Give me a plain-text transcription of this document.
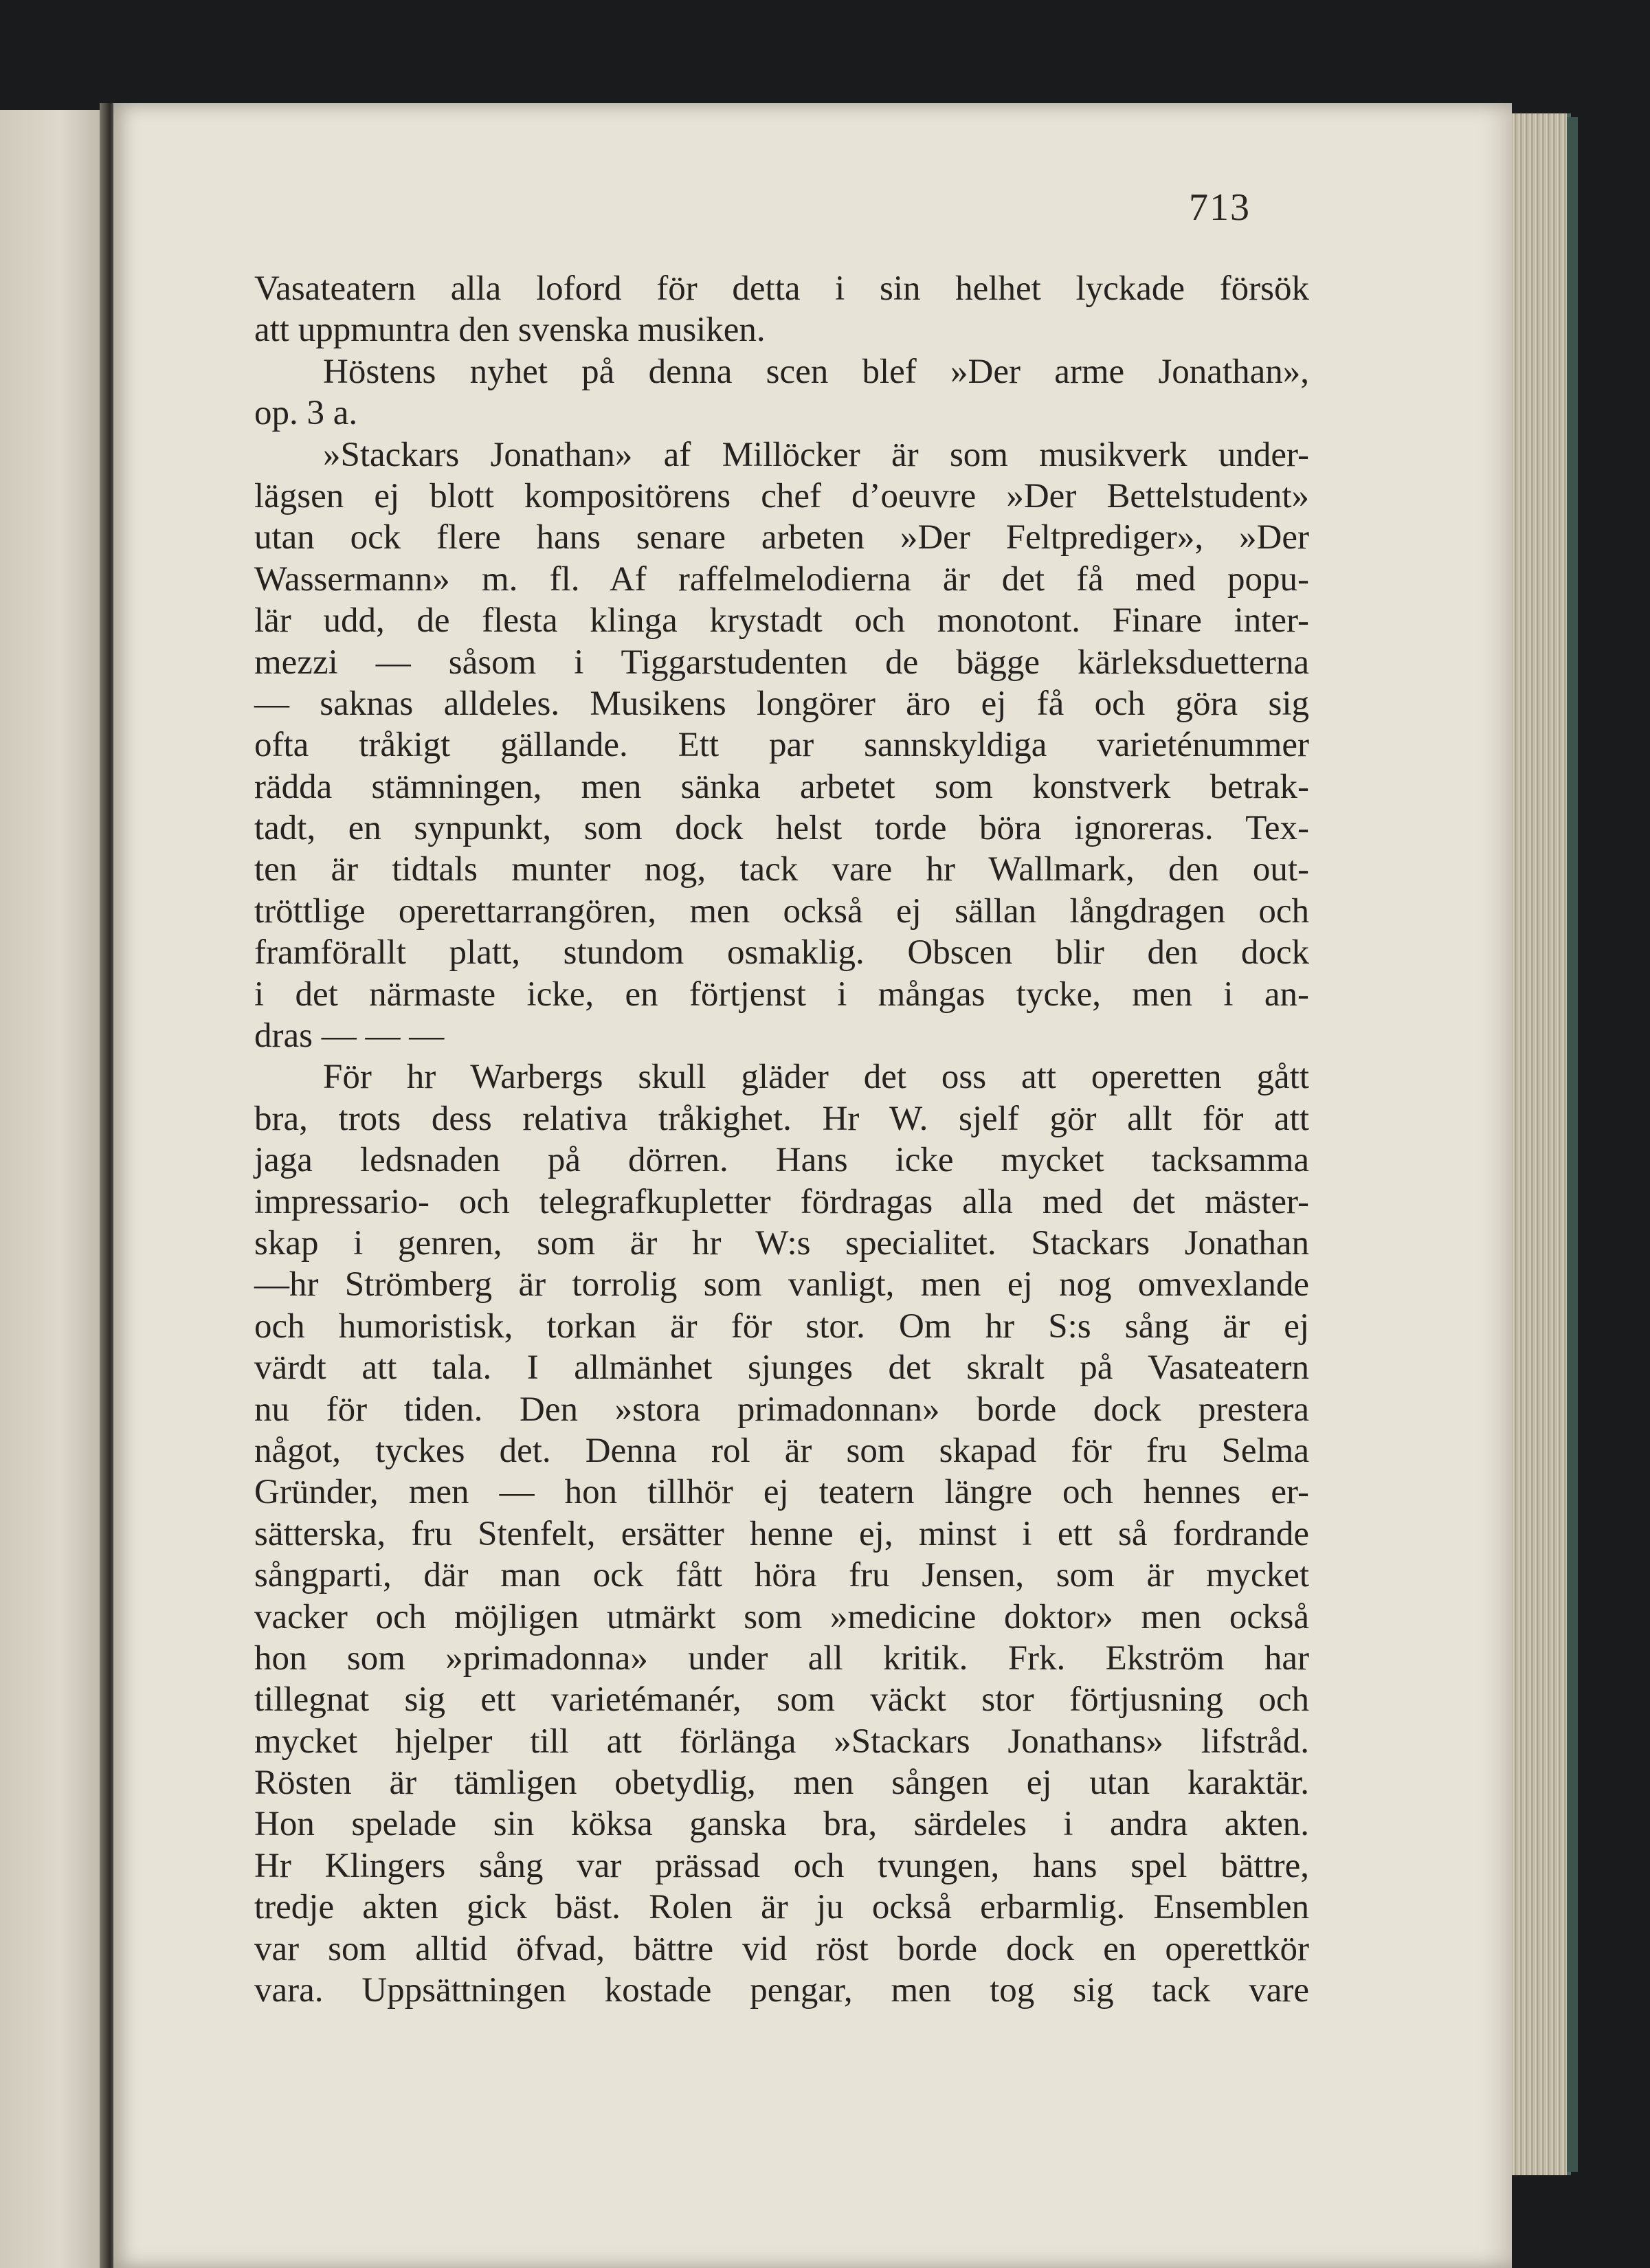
713
Vasateatern alla loford för detta i sin helhet lyckade försök
att uppmuntra den svenska musiken.
Höstens nyhet på denna scen blef »Der arme Jonathan»,
op. 3 a.
»Stackars Jonathan» af Millöcker är som musikverk under-
lägsen ej blott kompositörens chef d’oeuvre »Der Bettelstudent»
utan ock flere hans senare arbeten »Der Feltprediger», »Der
Wassermann» m. fl. Af raffelmelodierna är det få med popu-
lär udd, de flesta klinga krystadt och monotont. Finare inter-
mezzi — såsom i Tiggarstudenten de bägge kärleksduetterna
— saknas alldeles. Musikens longörer äro ej få och göra sig
ofta tråkigt gällande. Ett par sannskyldiga varieténummer
rädda stämningen, men sänka arbetet som konstverk betrak-
tadt, en synpunkt, som dock helst torde böra ignoreras. Tex-
ten är tidtals munter nog, tack vare hr Wallmark, den out-
tröttlige operettarrangören, men också ej sällan långdragen och
framförallt platt, stundom osmaklig. Obscen blir den dock
i det närmaste icke, en förtjenst i mångas tycke, men i an-
dras — — —
För hr Warbergs skull gläder det oss att operetten gått
bra, trots dess relativa tråkighet. Hr W. sjelf gör allt för att
jaga ledsnaden på dörren. Hans icke mycket tacksamma
impressario- och telegrafkupletter fördragas alla med det mäster-
skap i genren, som är hr W:s specialitet. Stackars Jonathan
—hr Strömberg är torrolig som vanligt, men ej nog omvexlande
och humoristisk, torkan är för stor. Om hr S:s sång är ej
värdt att tala. I allmänhet sjunges det skralt på Vasateatern
nu för tiden. Den »stora primadonnan» borde dock prestera
något, tyckes det. Denna rol är som skapad för fru Selma
Gründer, men — hon tillhör ej teatern längre och hennes er-
sätterska, fru Stenfelt, ersätter henne ej, minst i ett så fordrande
sångparti, där man ock fått höra fru Jensen, som är mycket
vacker och möjligen utmärkt som »medicine doktor» men också
hon som »primadonna» under all kritik. Frk. Ekström har
tillegnat sig ett varietémanér, som väckt stor förtjusning och
mycket hjelper till att förlänga »Stackars Jonathans» lifstråd.
Rösten är tämligen obetydlig, men sången ej utan karaktär.
Hon spelade sin köksa ganska bra, särdeles i andra akten.
Hr Klingers sång var prässad och tvungen, hans spel bättre,
tredje akten gick bäst. Rolen är ju också erbarmlig. Ensemblen
var som alltid öfvad, bättre vid röst borde dock en operettkör
vara. Uppsättningen kostade pengar, men tog sig tack vare
